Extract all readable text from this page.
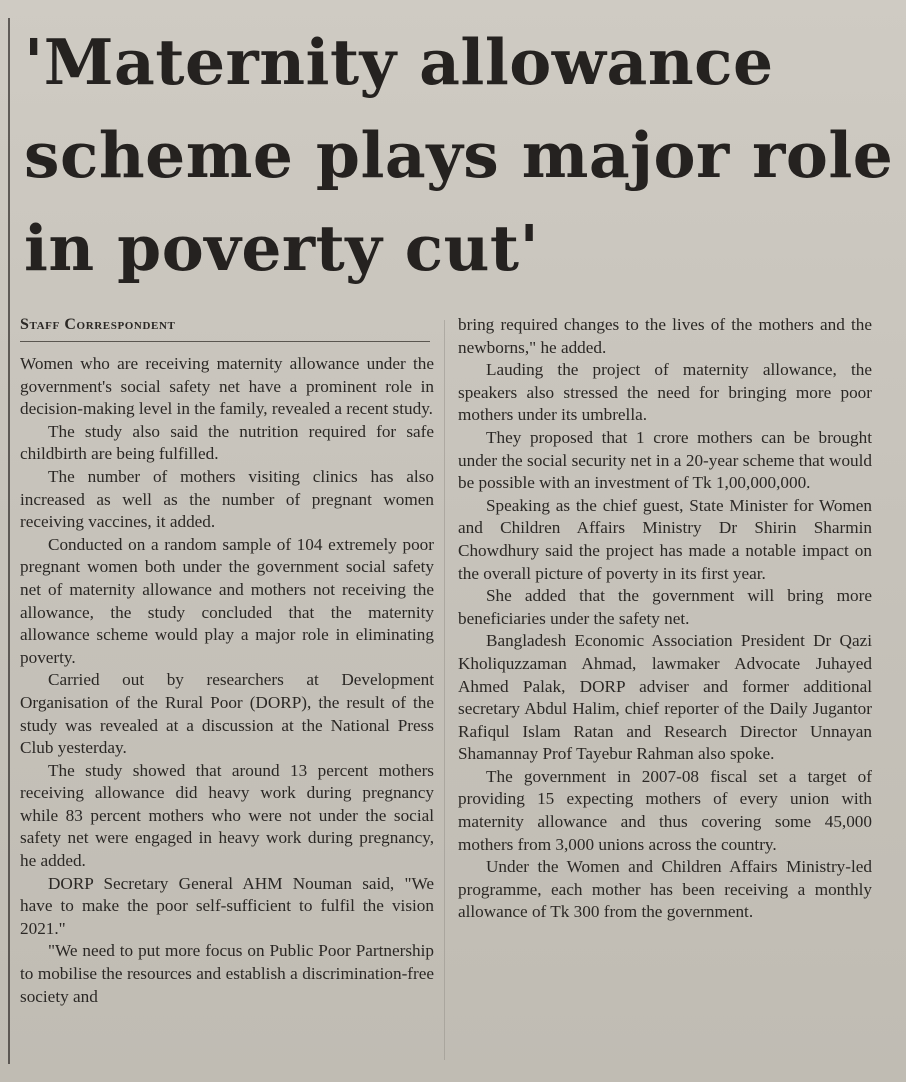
'Maternity allowance scheme plays major role in poverty cut'
Staff Correspondent

Women who are receiving maternity allowance under the government's social safety net have a prominent role in decision-making level in the family, revealed a recent study.

The study also said the nutrition required for safe childbirth are being fulfilled.

The number of mothers visiting clinics has also increased as well as the number of pregnant women receiving vaccines, it added.

Conducted on a random sample of 104 extremely poor pregnant women both under the government social safety net of maternity allowance and mothers not receiving the allowance, the study concluded that the maternity allowance scheme would play a major role in eliminating poverty.

Carried out by researchers at Development Organisation of the Rural Poor (DORP), the result of the study was revealed at a discussion at the National Press Club yesterday.

The study showed that around 13 percent mothers receiving allowance did heavy work during pregnancy while 83 percent mothers who were not under the social safety net were engaged in heavy work during pregnancy, he added.

DORP Secretary General AHM Nouman said, "We have to make the poor self-sufficient to fulfil the vision 2021."

"We need to put more focus on Public Poor Partnership to mobilise the resources and establish a discrimination-free society and

bring required changes to the lives of the mothers and the newborns," he added.

Lauding the project of maternity allowance, the speakers also stressed the need for bringing more poor mothers under its umbrella.

They proposed that 1 crore mothers can be brought under the social security net in a 20-year scheme that would be possible with an investment of Tk 1,00,000,000.

Speaking as the chief guest, State Minister for Women and Children Affairs Ministry Dr Shirin Sharmin Chowdhury said the project has made a notable impact on the overall picture of poverty in its first year.

She added that the government will bring more beneficiaries under the safety net.

Bangladesh Economic Association President Dr Qazi Kholiquzzaman Ahmad, lawmaker Advocate Juhayed Ahmed Palak, DORP adviser and former additional secretary Abdul Halim, chief reporter of the Daily Jugantor Rafiqul Islam Ratan and Research Director Unnayan Shamannay Prof Tayebur Rahman also spoke.

The government in 2007-08 fiscal set a target of providing 15 expecting mothers of every union with maternity allowance and thus covering some 45,000 mothers from 3,000 unions across the country.

Under the Women and Children Affairs Ministry-led programme, each mother has been receiving a monthly allowance of Tk 300 from the government.
